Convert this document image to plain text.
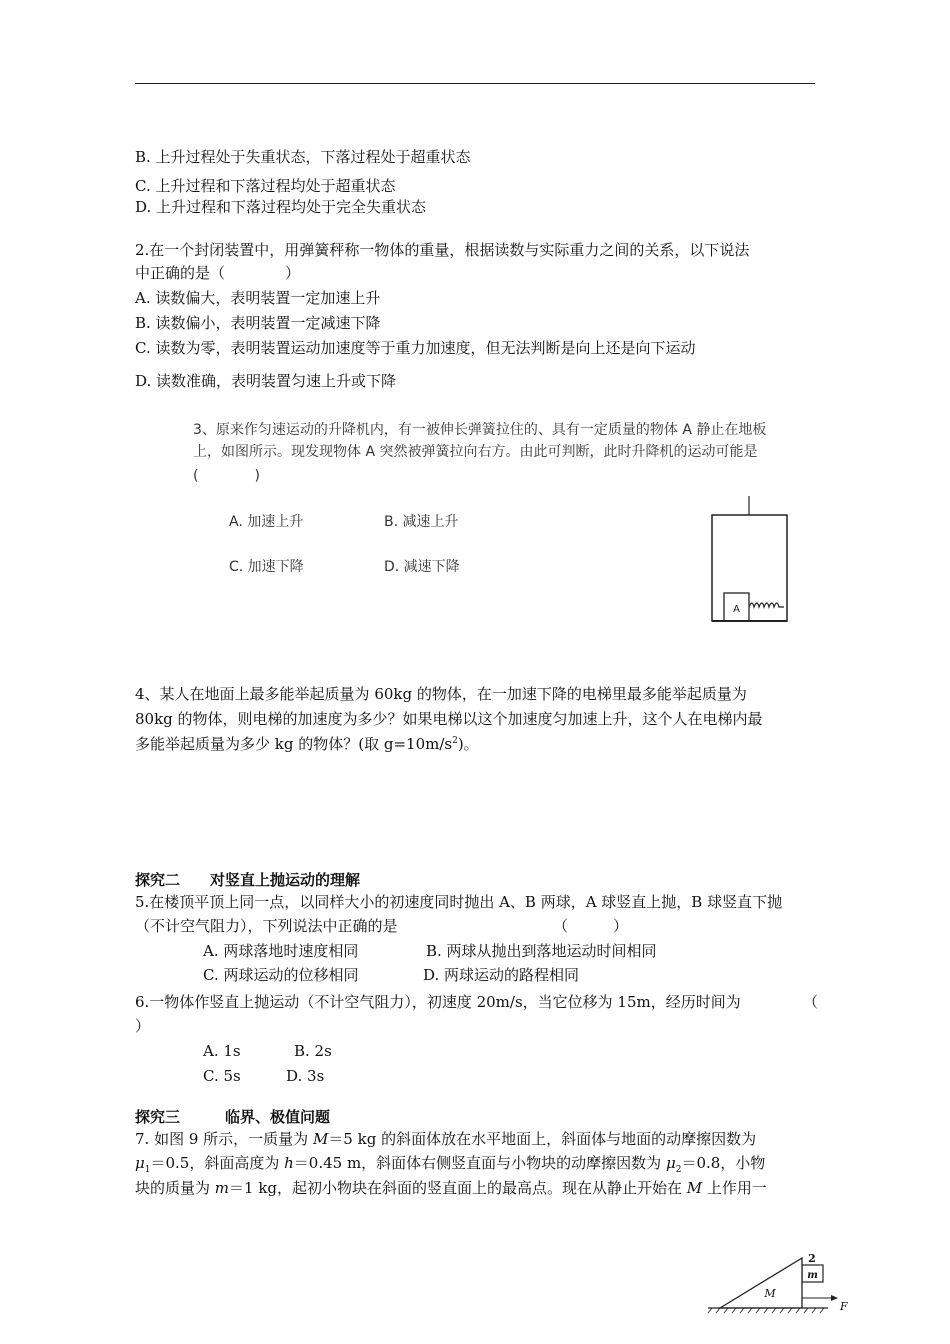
B. 上升过程处于失重状态，下落过程处于超重状态
C. 上升过程和下落过程均处于超重状态
D. 上升过程和下落过程均处于完全失重状态
2.在一个封闭装置中，用弹簧秤称一物体的重量，根据读数与实际重力之间的关系，以下说法
中正确的是（　　　　）
A. 读数偏大，表明装置一定加速上升
B. 读数偏小，表明装置一定减速下降
C. 读数为零，表明装置运动加速度等于重力加速度，但无法判断是向上还是向下运动
D. 读数准确，表明装置匀速上升或下降
3、原来作匀速运动的升降机内，有一被伸长弹簧拉住的、具有一定质量的物体 A 静止在地板
上，如图所示。现发现物体 A 突然被弹簧拉向右方。由此可判断，此时升降机的运动可能是
(　　　　)
A. 加速上升	B. 减速上升
C. 加速下降	D. 减速下降
A
4、某人在地面上最多能举起质量为 60kg 的物体，在一加速下降的电梯里最多能举起质量为
80kg 的物体，则电梯的加速度为多少？如果电梯以这个加速度匀加速上升，这个人在电梯内最
多能举起质量为多少 kg 的物体？(取 $g=10m/s^2$)。
探究二　　对竖直上抛运动的理解
5.在楼顶平顶上同一点，以同样大小的初速度同时抛出 A、B 两球，A 球竖直上抛，B 球竖直下抛
（不计空气阻力），下列说法中正确的是	（　　　）
A. 两球落地时速度相同	B. 两球从抛出到落地运动时间相同
C. 两球运动的位移相同	D. 两球运动的路程相同
6.一物体作竖直上抛运动（不计空气阻力），初速度 20m/s，当它位移为 15m，经历时间为	（
）
A. 1s	B. 2s
C. 5s	D. 3s
探究三　　　临界、极值问题
7. 如图 9 所示，一质量为 M＝5 kg 的斜面体放在水平地面上，斜面体与地面的动摩擦因数为
$\mu_1=0.5$，斜面高度为 h＝0.45 m，斜面体右侧竖直面与小物块的动摩擦因数为 $\mu_2=0.8$，小物
块的质量为 m＝1 kg，起初小物块在斜面的竖直面上的最高点。现在从静止开始在 M 上作用一
2
m
M
F
